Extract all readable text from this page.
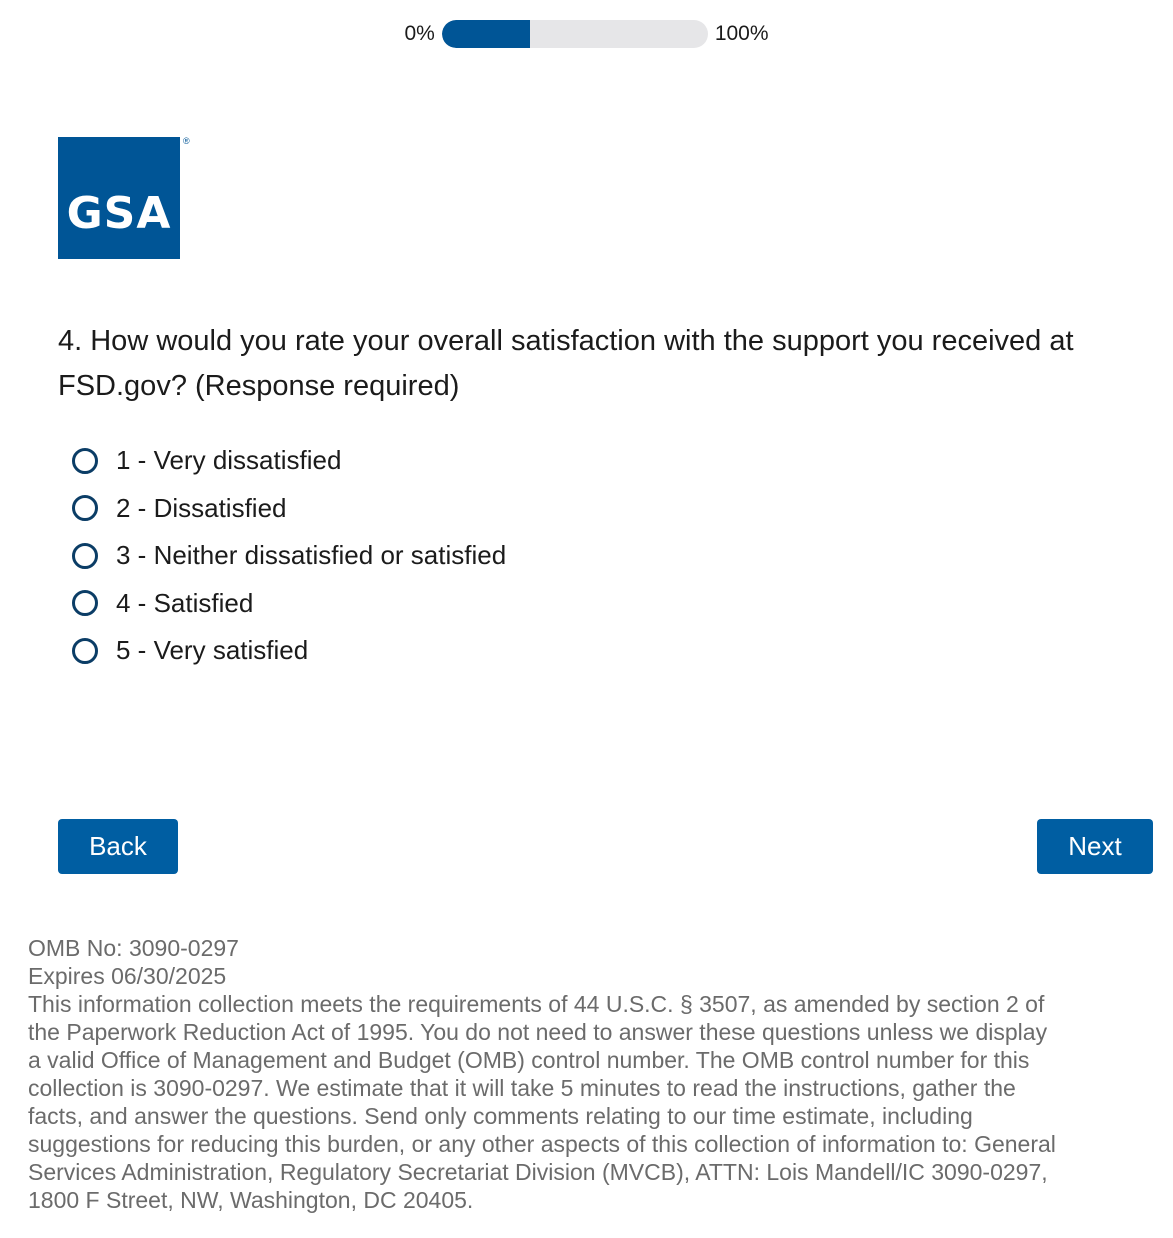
0%	100%
GSA
®
4. How would you rate your overall satisfaction with the support you received at FSD.gov? (Response required)
1 - Very dissatisfied
2 - Dissatisfied
3 - Neither dissatisfied or satisfied
4 - Satisfied
5 - Very satisfied
Back	Next
OMB No: 3090-0297
Expires 06/30/2025
This information collection meets the requirements of 44 U.S.C. § 3507, as amended by section 2 of the Paperwork Reduction Act of 1995. You do not need to answer these questions unless we display a valid Office of Management and Budget (OMB) control number. The OMB control number for this collection is 3090-0297. We estimate that it will take 5 minutes to read the instructions, gather the facts, and answer the questions. Send only comments relating to our time estimate, including suggestions for reducing this burden, or any other aspects of this collection of information to: General Services Administration, Regulatory Secretariat Division (MVCB), ATTN: Lois Mandell/IC 3090-0297, 1800 F Street, NW, Washington, DC 20405.
